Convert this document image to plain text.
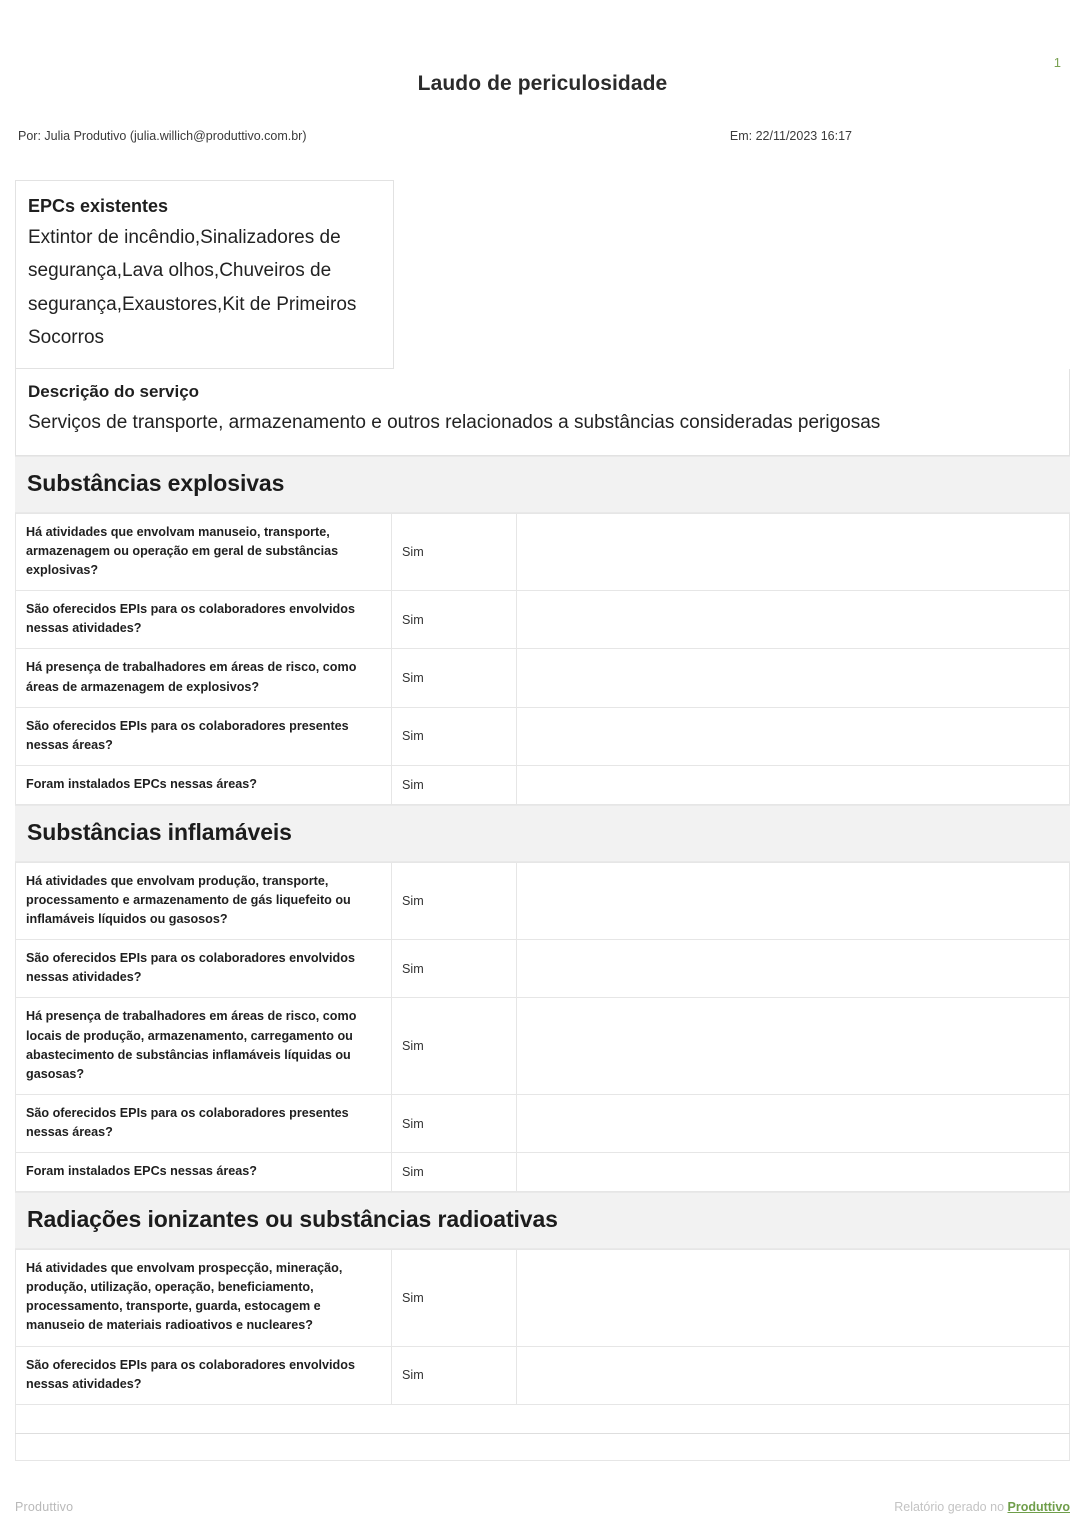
1
Laudo de periculosidade
Por: Julia Produtivo (julia.willich@produttivo.com.br)	Em: 22/11/2023 16:17
EPCs existentes
Extintor de incêndio,Sinalizadores de segurança,Lava olhos,Chuveiros de segurança,Exaustores,Kit de Primeiros Socorros

Descrição do serviço
Serviços de transporte, armazenamento e outros relacionados a substâncias consideradas perigosas
Substâncias explosivas
Há atividades que envolvam manuseio, transporte, armazenagem ou operação em geral de substâncias explosivas?	Sim	
São oferecidos EPIs para os colaboradores envolvidos nessas atividades?	Sim	
Há presença de trabalhadores em áreas de risco, como áreas de armazenagem de explosivos?	Sim	
São oferecidos EPIs para os colaboradores presentes nessas áreas?	Sim	
Foram instalados EPCs nessas áreas?	Sim	
Substâncias inflamáveis
Há atividades que envolvam produção, transporte, processamento e armazenamento de gás liquefeito ou inflamáveis líquidos ou gasosos?	Sim	
São oferecidos EPIs para os colaboradores envolvidos nessas atividades?	Sim	
Há presença de trabalhadores em áreas de risco, como locais de produção, armazenamento, carregamento ou abastecimento de substâncias inflamáveis líquidas ou gasosas?	Sim	
São oferecidos EPIs para os colaboradores presentes nessas áreas?	Sim	
Foram instalados EPCs nessas áreas?	Sim	
Radiações ionizantes ou substâncias radioativas
Há atividades que envolvam prospecção, mineração, produção, utilização, operação, beneficiamento, processamento, transporte, guarda, estocagem e manuseio de materiais radioativos e nucleares?	Sim	
São oferecidos EPIs para os colaboradores envolvidos nessas atividades?	Sim	
Produttivo	Relatório gerado no Produttivo
